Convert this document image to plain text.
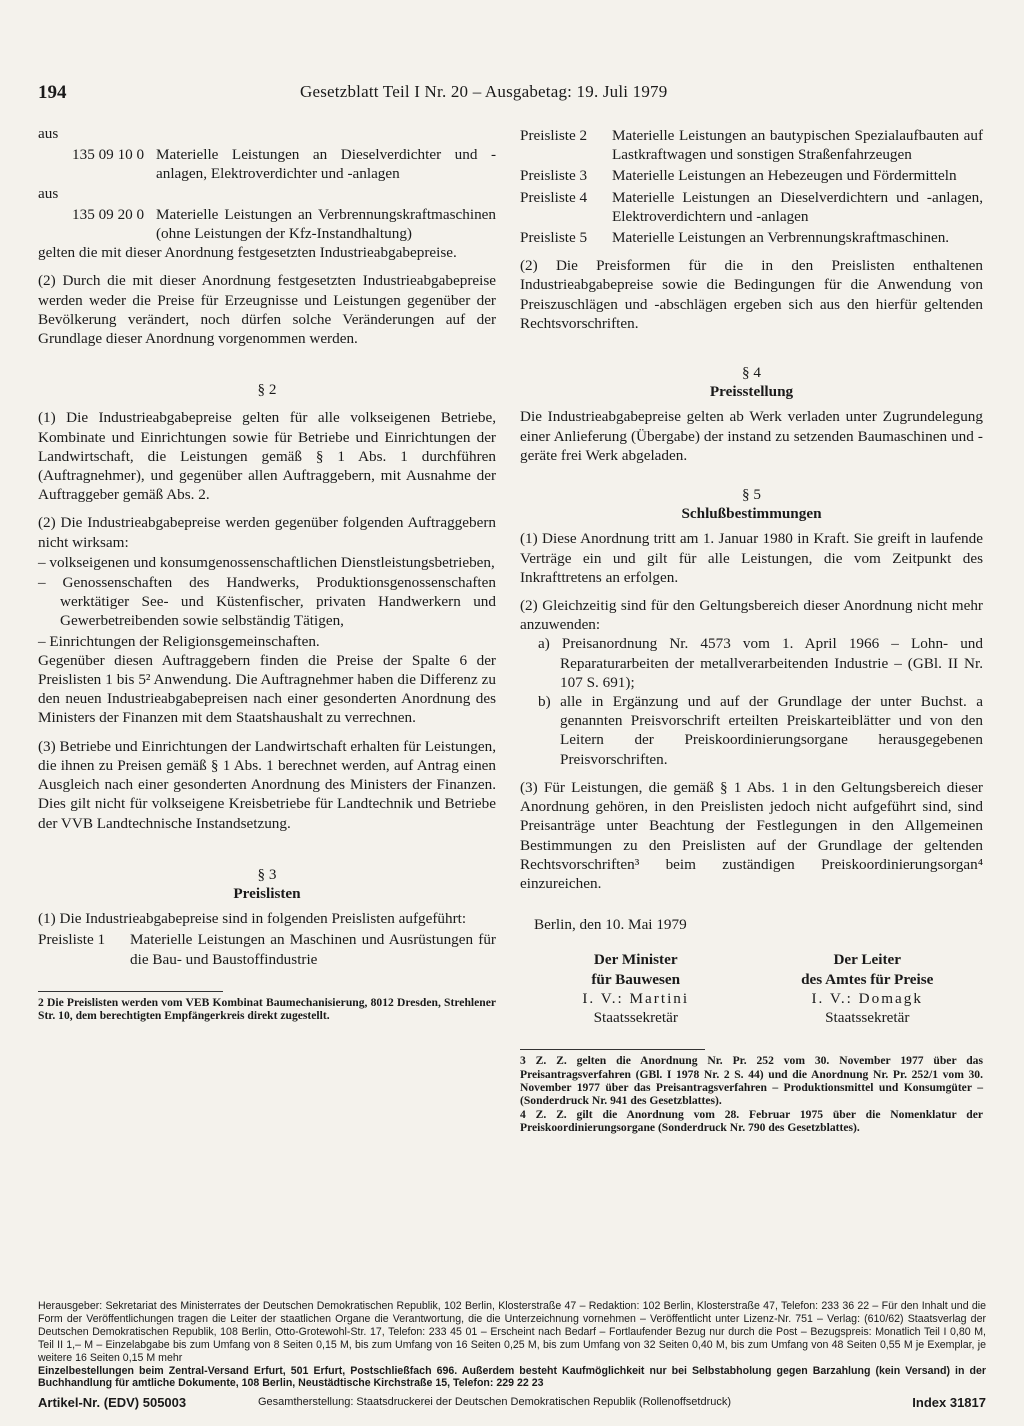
194	Gesetzblatt Teil I Nr. 20 – Ausgabetag: 19. Juli 1979

aus

135 09 10 0 Materielle Leistungen an Dieselverdichter und -anlagen, Elektroverdichter und -anlagen

aus

135 09 20 0 Materielle Leistungen an Verbrennungskraftmaschinen (ohne Leistungen der Kfz-Instandhaltung)

gelten die mit dieser Anordnung festgesetzten Industrieabgabepreise.

(2) Durch die mit dieser Anordnung festgesetzten Industrieabgabepreise werden weder die Preise für Erzeugnisse und Leistungen gegenüber der Bevölkerung verändert, noch dürfen solche Veränderungen auf der Grundlage dieser Anordnung vorgenommen werden.

§ 2

(1) Die Industrieabgabepreise gelten für alle volkseigenen Betriebe, Kombinate und Einrichtungen sowie für Betriebe und Einrichtungen der Landwirtschaft, die Leistungen gemäß § 1 Abs. 1 durchführen (Auftragnehmer), und gegenüber allen Auftraggebern, mit Ausnahme der Auftraggeber gemäß Abs. 2.

(2) Die Industrieabgabepreise werden gegenüber folgenden Auftraggebern nicht wirksam:

– volkseigenen und konsumgenossenschaftlichen Dienstleistungsbetrieben,

– Genossenschaften des Handwerks, Produktionsgenossenschaften werktätiger See- und Küstenfischer, privaten Handwerkern und Gewerbetreibenden sowie selbständig Tätigen,

– Einrichtungen der Religionsgemeinschaften.

Gegenüber diesen Auftraggebern finden die Preise der Spalte 6 der Preislisten 1 bis 5² Anwendung. Die Auftragnehmer haben die Differenz zu den neuen Industrieabgabepreisen nach einer gesonderten Anordnung des Ministers der Finanzen mit dem Staatshaushalt zu verrechnen.

(3) Betriebe und Einrichtungen der Landwirtschaft erhalten für Leistungen, die ihnen zu Preisen gemäß § 1 Abs. 1 berechnet werden, auf Antrag einen Ausgleich nach einer gesonderten Anordnung des Ministers der Finanzen. Dies gilt nicht für volkseigene Kreisbetriebe für Landtechnik und Betriebe der VVB Landtechnische Instandsetzung.

§ 3

Preislisten

(1) Die Industrieabgabepreise sind in folgenden Preislisten aufgeführt:

Preisliste 1	Materielle Leistungen an Maschinen und Ausrüstungen für die Bau- und Baustoffindustrie

2 Die Preislisten werden vom VEB Kombinat Baumechanisierung, 8012 Dresden, Strehlener Str. 10, dem berechtigten Empfängerkreis direkt zugestellt.

Preisliste 2	Materielle Leistungen an bautypischen Spezialaufbauten auf Lastkraftwagen und sonstigen Straßenfahrzeugen
Preisliste 3	Materielle Leistungen an Hebezeugen und Fördermitteln
Preisliste 4	Materielle Leistungen an Dieselverdichtern und -anlagen, Elektroverdichtern und -anlagen
Preisliste 5	Materielle Leistungen an Verbrennungskraftmaschinen.

(2) Die Preisformen für die in den Preislisten enthaltenen Industrieabgabepreise sowie die Bedingungen für die Anwendung von Preiszuschlägen und -abschlägen ergeben sich aus den hierfür geltenden Rechtsvorschriften.

§ 4

Preisstellung

Die Industrieabgabepreise gelten ab Werk verladen unter Zugrundelegung einer Anlieferung (Übergabe) der instand zu setzenden Baumaschinen und -geräte frei Werk abgeladen.

§ 5

Schlußbestimmungen

(1) Diese Anordnung tritt am 1. Januar 1980 in Kraft. Sie greift in laufende Verträge ein und gilt für alle Leistungen, die vom Zeitpunkt des Inkrafttretens an erfolgen.

(2) Gleichzeitig sind für den Geltungsbereich dieser Anordnung nicht mehr anzuwenden:

a) Preisanordnung Nr. 4573 vom 1. April 1966 – Lohn- und Reparaturarbeiten der metallverarbeitenden Industrie – (GBl. II Nr. 107 S. 691);

b) alle in Ergänzung und auf der Grundlage der unter Buchst. a genannten Preisvorschrift erteilten Preiskarteiblätter und von den Leitern der Preiskoordinierungsorgane herausgegebenen Preisvorschriften.

(3) Für Leistungen, die gemäß § 1 Abs. 1 in den Geltungsbereich dieser Anordnung gehören, in den Preislisten jedoch nicht aufgeführt sind, sind Preisanträge unter Beachtung der Festlegungen in den Allgemeinen Bestimmungen zu den Preislisten auf der Grundlage der geltenden Rechtsvorschriften³ beim zuständigen Preiskoordinierungsorgan⁴ einzureichen.

Berlin, den 10. Mai 1979

Der Minister

für Bauwesen

I. V.: Martini

Staatssekretär

Der Leiter

des Amtes für Preise

I. V.: Domagk

Staatssekretär

3 Z. Z. gelten die Anordnung Nr. Pr. 252 vom 30. November 1977 über das Preisantragsverfahren (GBl. I 1978 Nr. 2 S. 44) und die Anordnung Nr. Pr. 252/1 vom 30. November 1977 über das Preisantragsverfahren – Produktionsmittel und Konsumgüter – (Sonderdruck Nr. 941 des Gesetzblattes).

4 Z. Z. gilt die Anordnung vom 28. Februar 1975 über die Nomenklatur der Preiskoordinierungsorgane (Sonderdruck Nr. 790 des Gesetzblattes).

Herausgeber: Sekretariat des Ministerrates der Deutschen Demokratischen Republik, 102 Berlin, Klosterstraße 47 – Redaktion: 102 Berlin, Klosterstraße 47, Telefon: 233 36 22 – Für den Inhalt und die Form der Veröffentlichungen tragen die Leiter der staatlichen Organe die Verantwortung, die die Unterzeichnung vornehmen – Veröffentlicht unter Lizenz-Nr. 751 – Verlag: (610/62) Staatsverlag der Deutschen Demokratischen Republik, 108 Berlin, Otto-Grotewohl-Str. 17, Telefon: 233 45 01 – Erscheint nach Bedarf – Fortlaufender Bezug nur durch die Post – Bezugspreis: Monatlich Teil I 0,80 M, Teil II 1,– M – Einzelabgabe bis zum Umfang von 8 Seiten 0,15 M, bis zum Umfang von 16 Seiten 0,25 M, bis zum Umfang von 32 Seiten 0,40 M, bis zum Umfang von 48 Seiten 0,55 M je Exemplar, je weitere 16 Seiten 0,15 M mehr

Einzelbestellungen beim Zentral-Versand Erfurt, 501 Erfurt, Postschließfach 696. Außerdem besteht Kaufmöglichkeit nur bei Selbstabholung gegen Barzahlung (kein Versand) in der Buchhandlung für amtliche Dokumente, 108 Berlin, Neustädtische Kirchstraße 15, Telefon: 229 22 23

Artikel-Nr. (EDV) 505003	Gesamtherstellung: Staatsdruckerei der Deutschen Demokratischen Republik (Rollenoffsetdruck)	Index 31817
